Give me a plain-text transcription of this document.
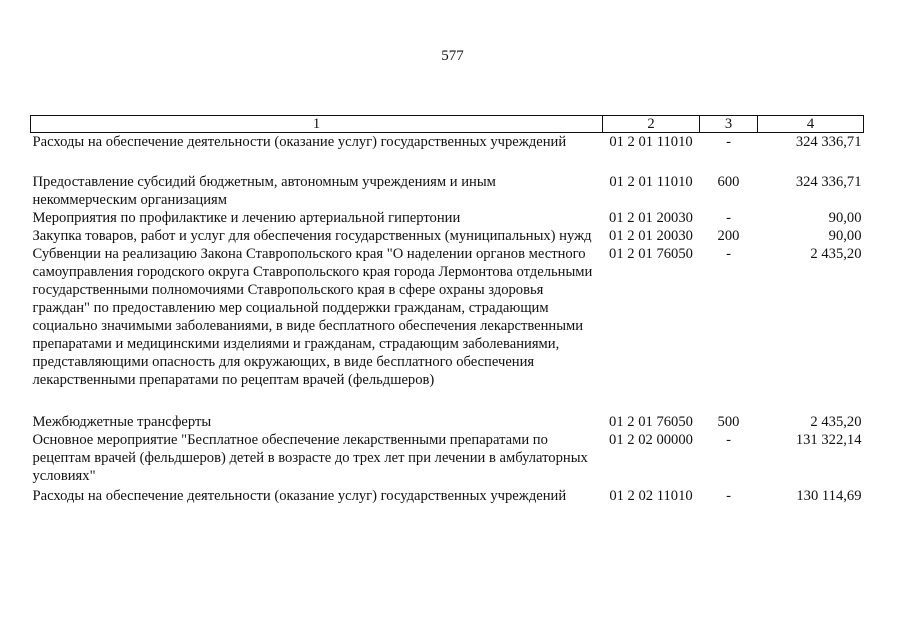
577
1	2	3	4
Расходы на обеспечение деятельности (оказание услуг) государственных учреждений	01 2 01 11010	-	324 336,71
Предоставление субсидий бюджетным, автономным учреждениям и иным некоммерческим организациям	01 2 01 11010	600	324 336,71
Мероприятия по профилактике и лечению артериальной гипертонии	01 2 01 20030	-	90,00
Закупка товаров, работ и услуг для обеспечения государственных (муниципальных) нужд	01 2 01 20030	200	90,00
Субвенции на реализацию Закона Ставропольского края "О наделении органов местного самоуправления городского округа Ставропольского края города Лермонтова отдельными государственными полномочиями Ставропольского края в сфере охраны здоровья граждан" по предоставлению мер социальной поддержки гражданам, страдающим социально значимыми заболеваниями, в виде бесплатного обеспечения лекарственными препаратами и медицинскими изделиями и гражданам, страдающим заболеваниями, представляющими опасность для окружающих, в виде бесплатного обеспечения лекарственными препаратами по рецептам врачей (фельдшеров)	01 2 01 76050	-	2 435,20
Межбюджетные трансферты	01 2 01 76050	500	2 435,20
Основное мероприятие "Бесплатное обеспечение лекарственными препаратами по рецептам врачей (фельдшеров) детей в возрасте до трех лет при лечении в амбулаторных условиях"	01 2 02 00000	-	131 322,14
Расходы на обеспечение деятельности (оказание услуг) государственных учреждений	01 2 02 11010	-	130 114,69
